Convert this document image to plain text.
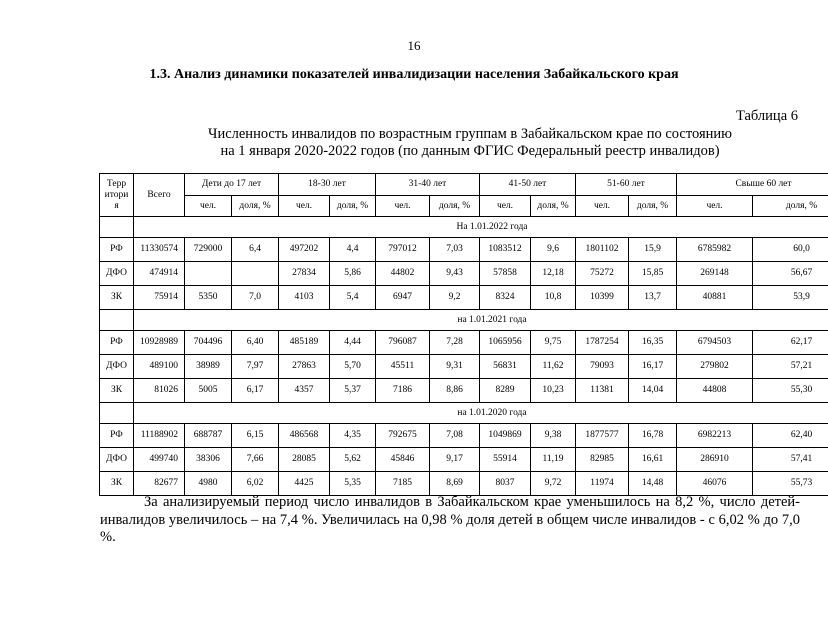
16
1.3. Анализ динамики показателей инвалидизации населения Забайкальского края
Таблица 6
Численность инвалидов по возрастным группам в Забайкальском крае по состоянию
на 1 января 2020-2022 годов (по данным ФГИС Федеральный реестр инвалидов)
Терр итори я	Всего	Дети до 17 лет		18-30 лет		31-40 лет		41-50 лет		51-60 лет		Свыше 60 лет	
		чел.	доля, %	чел.	доля, %	чел.	доля, %	чел.	доля, %	чел.	доля, %	чел.	доля, %
	На 1.01.2022 года												
РФ	11330574	729000	6,4	497202	4,4	797012	7,03	1083512	9,6	1801102	15,9	6785982	60,0
ДФО	474914			27834	5,86	44802	9,43	57858	12,18	75272	15,85	269148	56,67
ЗК	75914	5350	7,0	4103	5,4	6947	9,2	8324	10,8	10399	13,7	40881	53,9
	на 1.01.2021 года												
РФ	10928989	704496	6,40	485189	4,44	796087	7,28	1065956	9,75	1787254	16,35	6794503	62,17
ДФО	489100	38989	7,97	27863	5,70	45511	9,31	56831	11,62	79093	16,17	279802	57,21
ЗК	81026	5005	6,17	4357	5,37	7186	8,86	8289	10,23	11381	14,04	44808	55,30
	на 1.01.2020 года												
РФ	11188902	688787	6,15	486568	4,35	792675	7,08	1049869	9,38	1877577	16,78	6982213	62,40
ДФО	499740	38306	7,66	28085	5,62	45846	9,17	55914	11,19	82985	16,61	286910	57,41
ЗК	82677	4980	6,02	4425	5,35	7185	8,69	8037	9,72	11974	14,48	46076	55,73
За анализируемый период число инвалидов в Забайкальском крае уменьшилось на 8,2 %, число детей-инвалидов увеличилось – на 7,4 %. Увеличилась на 0,98 % доля детей в общем числе инвалидов - с 6,02 % до 7,0 %.
